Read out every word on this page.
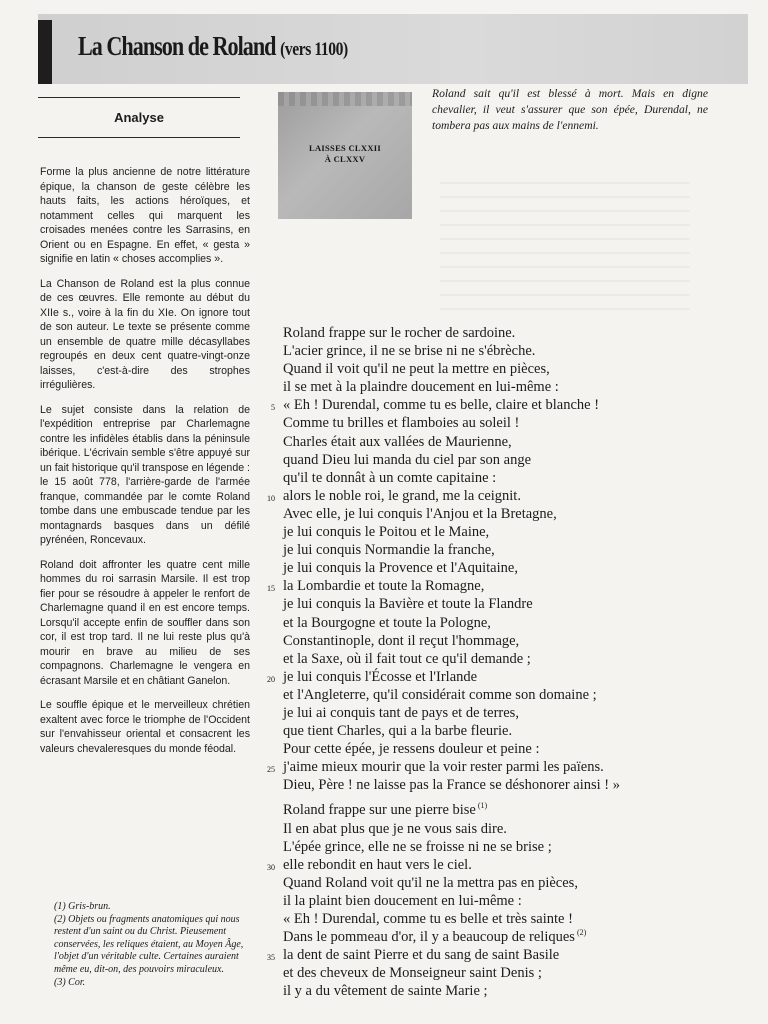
La Chanson de Roland (vers 1100)
Analyse

Forme la plus ancienne de notre littérature épique, la chanson de geste célèbre les hauts faits, les actions héroïques, et notamment celles qui marquent les croisades menées contre les Sarrasins, en Orient ou en Espagne. En effet, « gesta » signifie en latin « choses accomplies ».

La Chanson de Roland est la plus connue de ces œuvres. Elle remonte au début du XIIe s., voire à la fin du XIe. On ignore tout de son auteur. Le texte se présente comme un ensemble de quatre mille décasyllabes regroupés en deux cent quatre-vingt-onze laisses, c'est-à-dire des strophes irrégulières.

Le sujet consiste dans la relation de l'expédition entreprise par Charlemagne contre les infidèles établis dans la péninsule ibérique. L'écrivain semble s'être appuyé sur un fait historique qu'il transpose en légende : le 15 août 778, l'arrière-garde de l'armée franque, commandée par le comte Roland tombe dans une embuscade tendue par les montagnards basques dans un défilé pyrénéen, Roncevaux.

Roland doit affronter les quatre cent mille hommes du roi sarrasin Marsile. Il est trop fier pour se résoudre à appeler le renfort de Charlemagne quand il en est encore temps. Lorsqu'il accepte enfin de souffler dans son cor, il est trop tard. Il ne lui reste plus qu'à mourir en brave au milieu de ses compagnons. Charlemagne le vengera en écrasant Marsile et en châtiant Ganelon.

Le souffle épique et le merveilleux chrétien exaltent avec force le triomphe de l'Occident sur l'envahisseur oriental et consacrent les valeurs chevaleresques du monde féodal.

(1) Gris-brun.
(2) Objets ou fragments anatomiques qui nous restent d'un saint ou du Christ. Pieusement conservées, les reliques étaient, au Moyen Âge, l'objet d'un véritable culte. Certaines auraient même eu, dit-on, des pouvoirs miraculeux.
(3) Cor.
LAISSES CLXXII
À CLXXV
Roland sait qu'il est blessé à mort. Mais en digne chevalier, il veut s'assurer que son épée, Durendal, ne tombera pas aux mains de l'ennemi.
Roland frappe sur le rocher de sardoine.
L'acier grince, il ne se brise ni ne s'ébrèche.
Quand il voit qu'il ne peut la mettre en pièces,
il se met à la plaindre doucement en lui-même :
« Eh ! Durendal, comme tu es belle, claire et blanche !
5
Comme tu brilles et flamboies au soleil !
Charles était aux vallées de Maurienne,
quand Dieu lui manda du ciel par son ange
qu'il te donnât à un comte capitaine :
alors le noble roi, le grand, me la ceignit.
10
Avec elle, je lui conquis l'Anjou et la Bretagne,
je lui conquis le Poitou et le Maine,
je lui conquis Normandie la franche,
je lui conquis la Provence et l'Aquitaine,
la Lombardie et toute la Romagne,
15
je lui conquis la Bavière et toute la Flandre
et la Bourgogne et toute la Pologne,
Constantinople, dont il reçut l'hommage,
et la Saxe, où il fait tout ce qu'il demande ;
je lui conquis l'Écosse et l'Irlande
20
et l'Angleterre, qu'il considérait comme son domaine ;
je lui ai conquis tant de pays et de terres,
que tient Charles, qui a la barbe fleurie.
Pour cette épée, je ressens douleur et peine :
j'aime mieux mourir que la voir rester parmi les païens.
25
Dieu, Père ! ne laisse pas la France se déshonorer ainsi ! »
Roland frappe sur une pierre bise $^{(1)}$
Il en abat plus que je ne vous sais dire.
L'épée grince, elle ne se froisse ni ne se brise ;
elle rebondit en haut vers le ciel.
30
Quand Roland voit qu'il ne la mettra pas en pièces,
il la plaint bien doucement en lui-même :
« Eh ! Durendal, comme tu es belle et très sainte !
Dans le pommeau d'or, il y a beaucoup de reliques $^{(2)}$
la dent de saint Pierre et du sang de saint Basile
35
et des cheveux de Monseigneur saint Denis ;
il y a du vêtement de sainte Marie ;
